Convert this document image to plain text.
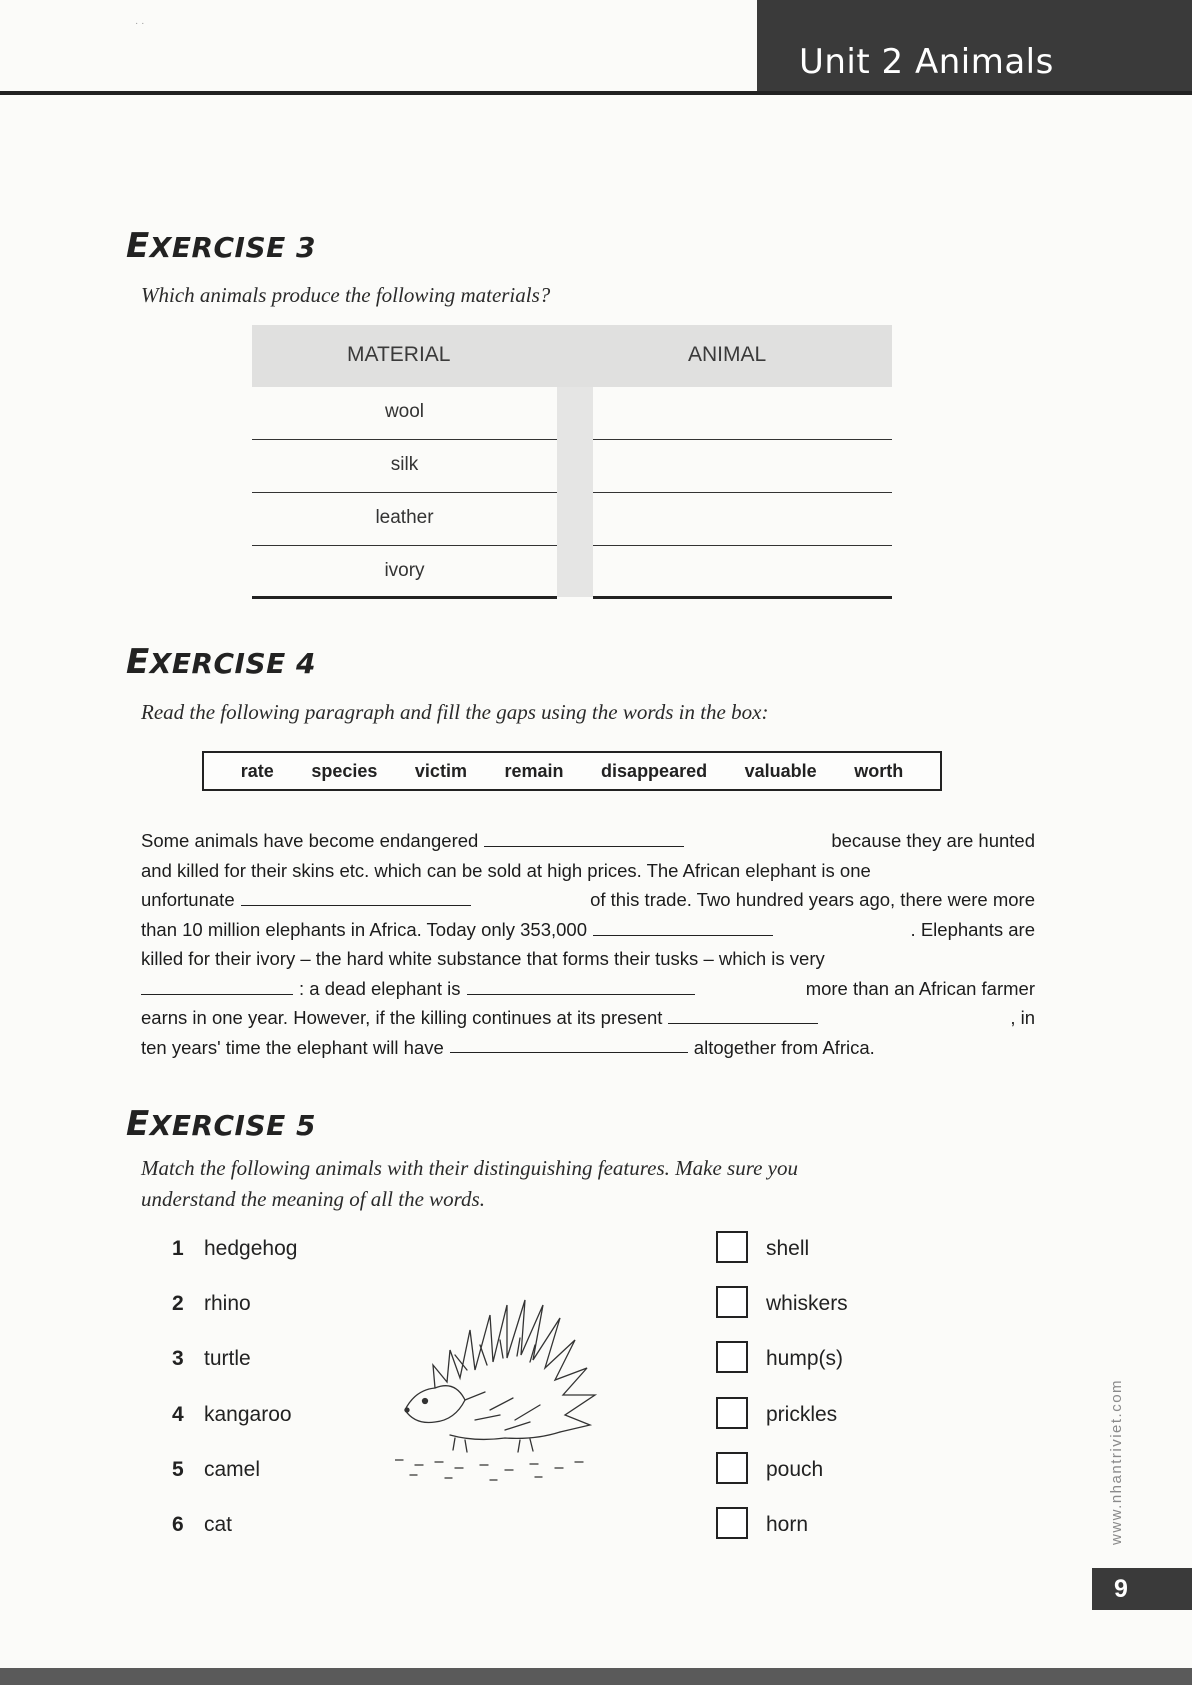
· ·
Unit 2 Animals
EXERCISE 3
Which animals produce the following materials?
MATERIAL	ANIMAL
wool
silk
leather
ivory
EXERCISE 4
Read the following paragraph and fill the gaps using the words in the box:
rate species victim remain disappeared valuable worth
Some animals have become endangered	because they are hunted
and killed for their skins etc. which can be sold at high prices. The African elephant is one
unfortunate	of this trade. Two hundred years ago, there were more
than 10 million elephants in Africa. Today only 353,000	. Elephants are
killed for their ivory – the hard white substance that forms their tusks – which is very
: a dead elephant is	more than an African farmer
earns in one year. However, if the killing continues at its present	, in
ten years' time the elephant will have	altogether from Africa.
EXERCISE 5
Match the following animals with their distinguishing features. Make sure you
understand the meaning of all the words.
1 hedgehog
2 rhino
3 turtle
4 kangaroo
5 camel
6 cat
shell
whiskers
hump(s)
prickles
pouch
horn	www.nhantriviet.com
9
